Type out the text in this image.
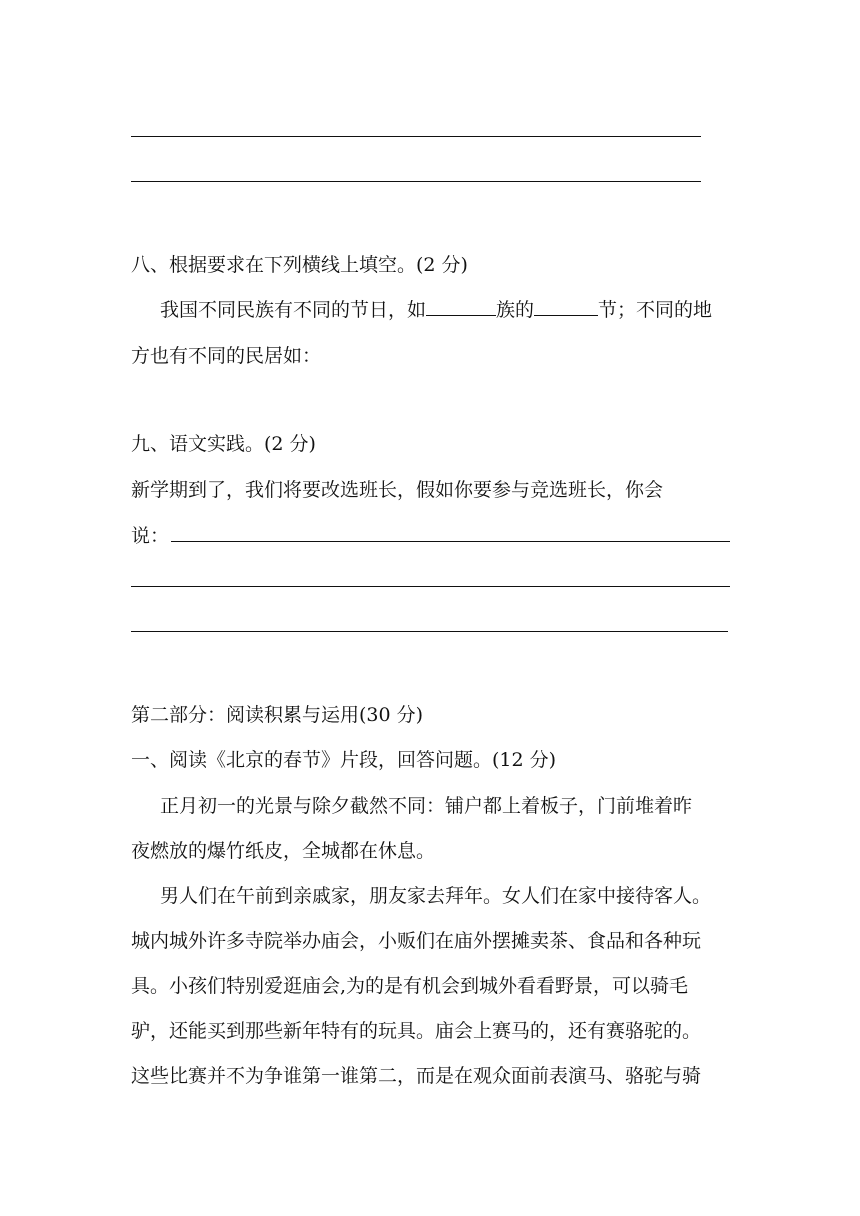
八、根据要求在下列横线上填空。(2 分)
我国不同民族有不同的节日，如	族的	节；不同的地
方也有不同的民居如：
九、语文实践。(2 分)
新学期到了，我们将要改选班长，假如你要参与竞选班长，你会
说：
第二部分：阅读积累与运用(30 分)
一、阅读《北京的春节》片段，回答问题。(12 分)
正月初一的光景与除夕截然不同：铺户都上着板子，门前堆着昨
夜燃放的爆竹纸皮，全城都在休息。
男人们在午前到亲戚家，朋友家去拜年。女人们在家中接待客人。
城内城外许多寺院举办庙会，小贩们在庙外摆摊卖茶、食品和各种玩
具。小孩们特别爱逛庙会,为的是有机会到城外看看野景，可以骑毛
驴，还能买到那些新年特有的玩具。庙会上赛马的，还有赛骆驼的。
这些比赛并不为争谁第一谁第二，而是在观众面前表演马、骆驼与骑
